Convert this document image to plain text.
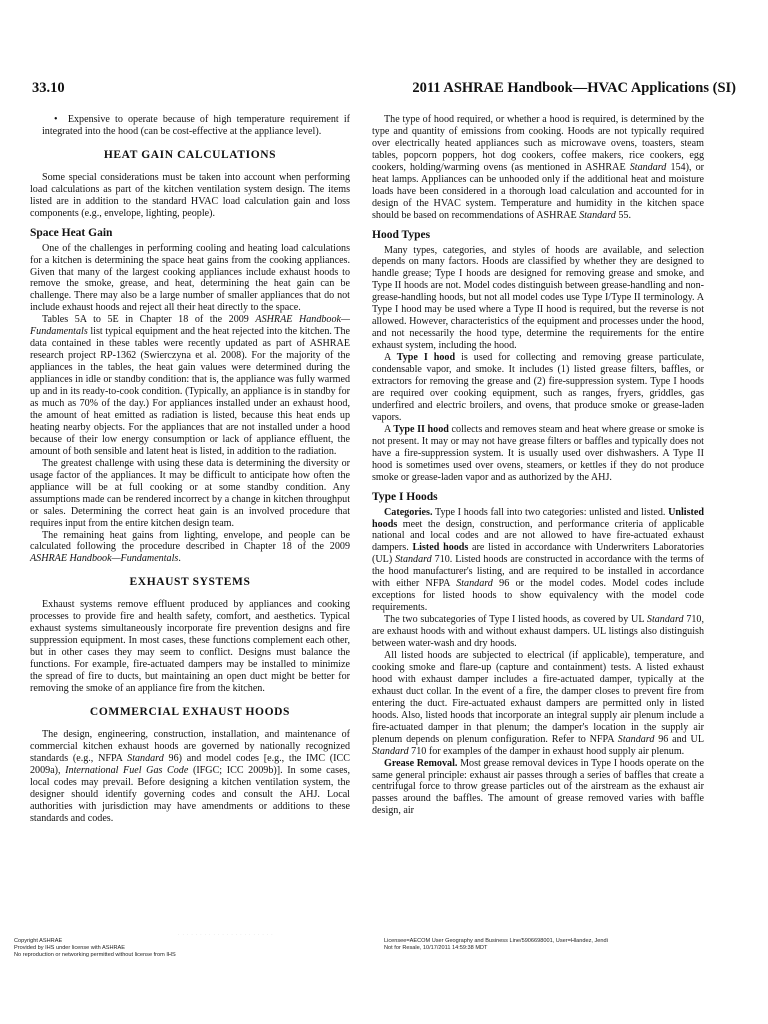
33.10	2011 ASHRAE Handbook—HVAC Applications (SI)

•  Expensive to operate because of high temperature requirement if integrated into the hood (can be cost-effective at the appliance level).

HEAT GAIN CALCULATIONS

Some special considerations must be taken into account when performing load calculations as part of the kitchen ventilation system design. The items listed are in addition to the standard HVAC load calculation gain and loss components (e.g., envelope, lighting, people).

Space Heat Gain

One of the challenges in performing cooling and heating load calculations for a kitchen is determining the space heat gains from the cooking appliances. Given that many of the largest cooking appliances include exhaust hoods to remove the smoke, grease, and heat, determining the heat gain can be challenge. There may also be a large number of smaller appliances that do not include exhaust hoods and reject all their heat directly to the space.

Tables 5A to 5E in Chapter 18 of the 2009 ASHRAE Handbook—Fundamentals list typical equipment and the heat rejected into the kitchen. The data contained in these tables were recently updated as part of ASHRAE research project RP-1362 (Swierczyna et al. 2008). For the majority of the appliances in the tables, the heat gain values were determined during the appliances in idle or standby condition: that is, the appliance was fully warmed up and in its ready-to-cook condition. (Typically, an appliance is in standby for as much as 70% of the day.) For appliances installed under an exhaust hood, the amount of heat emitted as radiation is listed, because this heat ends up heating nearby objects. For the appliances that are not installed under a hood because of their low energy consumption or lack of appliance effluent, the amount of both sensible and latent heat is listed, in addition to the radiation.

The greatest challenge with using these data is determining the diversity or usage factor of the appliances. It may be difficult to anticipate how often the appliance will be at full cooking or at some standby condition. Any assumptions made can be rendered incorrect by a change in kitchen throughput or sales. Determining the correct heat gain is an involved procedure that requires input from the entire kitchen design team.

The remaining heat gains from lighting, envelope, and people can be calculated following the procedure described in Chapter 18 of the 2009 ASHRAE Handbook—Fundamentals.

EXHAUST SYSTEMS

Exhaust systems remove effluent produced by appliances and cooking processes to provide fire and health safety, comfort, and aesthetics. Typical exhaust systems simultaneously incorporate fire prevention designs and fire suppression equipment. In most cases, these functions complement each other, but in other cases they may seem to conflict. Designs must balance the functions. For example, fire-actuated dampers may be installed to minimize the spread of fire to ducts, but maintaining an open duct might be better for removing the smoke of an appliance fire from the kitchen.

COMMERCIAL EXHAUST HOODS

The design, engineering, construction, installation, and maintenance of commercial kitchen exhaust hoods are governed by nationally recognized standards (e.g., NFPA Standard 96) and model codes [e.g., the IMC (ICC 2009a), International Fuel Gas Code (IFGC; ICC 2009b)]. In some cases, local codes may prevail. Before designing a kitchen ventilation system, the designer should identify governing codes and consult the AHJ. Local authorities with jurisdiction may have amendments or additions to these standards and codes.

The type of hood required, or whether a hood is required, is determined by the type and quantity of emissions from cooking. Hoods are not typically required over electrically heated appliances such as microwave ovens, toasters, steam tables, popcorn poppers, hot dog cookers, coffee makers, rice cookers, egg cookers, holding/warming ovens (as mentioned in ASHRAE Standard 154), or heat lamps. Appliances can be unhooded only if the additional heat and moisture loads have been considered in a thorough load calculation and accounted for in design of the HVAC system. Temperature and humidity in the kitchen space should be based on recommendations of ASHRAE Standard 55.

Hood Types

Many types, categories, and styles of hoods are available, and selection depends on many factors. Hoods are classified by whether they are designed to handle grease; Type I hoods are designed for removing grease and smoke, and Type II hoods are not. Model codes distinguish between grease-handling and non-grease-handling hoods, but not all model codes use Type I/Type II terminology. A Type I hood may be used where a Type II hood is required, but the reverse is not allowed. However, characteristics of the equipment and processes under the hood, and not necessarily the hood type, determine the requirements for the entire exhaust system, including the hood.

A Type I hood is used for collecting and removing grease particulate, condensable vapor, and smoke. It includes (1) listed grease filters, baffles, or extractors for removing the grease and (2) fire-suppression system. Type I hoods are required over cooking equipment, such as ranges, fryers, griddles, gas underfired and electric broilers, and ovens, that produce smoke or grease-laden vapors.

A Type II hood collects and removes steam and heat where grease or smoke is not present. It may or may not have grease filters or baffles and typically does not have a fire-suppression system. It is usually used over dishwashers. A Type II hood is sometimes used over ovens, steamers, or kettles if they do not produce smoke or grease-laden vapor and as authorized by the AHJ.

Type I Hoods

Categories. Type I hoods fall into two categories: unlisted and listed. Unlisted hoods meet the design, construction, and performance criteria of applicable national and local codes and are not allowed to have fire-actuated exhaust dampers. Listed hoods are listed in accordance with Underwriters Laboratories (UL) Standard 710. Listed hoods are constructed in accordance with the terms of the hood manufacturer's listing, and are required to be installed in accordance with either NFPA Standard 96 or the model codes. Model codes include exceptions for listed hoods to show equivalency with the model code requirements.

The two subcategories of Type I listed hoods, as covered by UL Standard 710, are exhaust hoods with and without exhaust dampers. UL listings also distinguish between water-wash and dry hoods.

All listed hoods are subjected to electrical (if applicable), temperature, and cooking smoke and flare-up (capture and containment) tests. A listed exhaust hood with exhaust damper includes a fire-actuated damper, typically at the exhaust duct collar. In the event of a fire, the damper closes to prevent fire from entering the duct. Fire-actuated exhaust dampers are permitted only in listed hoods. Also, listed hoods that incorporate an integral supply air plenum include a fire-actuated damper in that plenum; the damper's location in the supply air plenum depends on plenum configuration. Refer to NFPA Standard 96 and UL Standard 710 for examples of the damper in exhaust hood supply air plenum.

Grease Removal. Most grease removal devices in Type I hoods operate on the same general principle: exhaust air passes through a series of baffles that create a centrifugal force to throw grease particles out of the airstream as the exhaust air passes around the baffles. The amount of grease removed varies with baffle design, air

· · · · · · · · · · · · · · · · · · · · · ·
Copyright ASHRAE
Provided by IHS under license with ASHRAE
No reproduction or networking permitted without license from IHS
Licensee=AECOM User Geography and Business Line/5906698001, User=Hlandez, Jendi
Not for Resale, 10/17/2011 14:59:38 MDT
